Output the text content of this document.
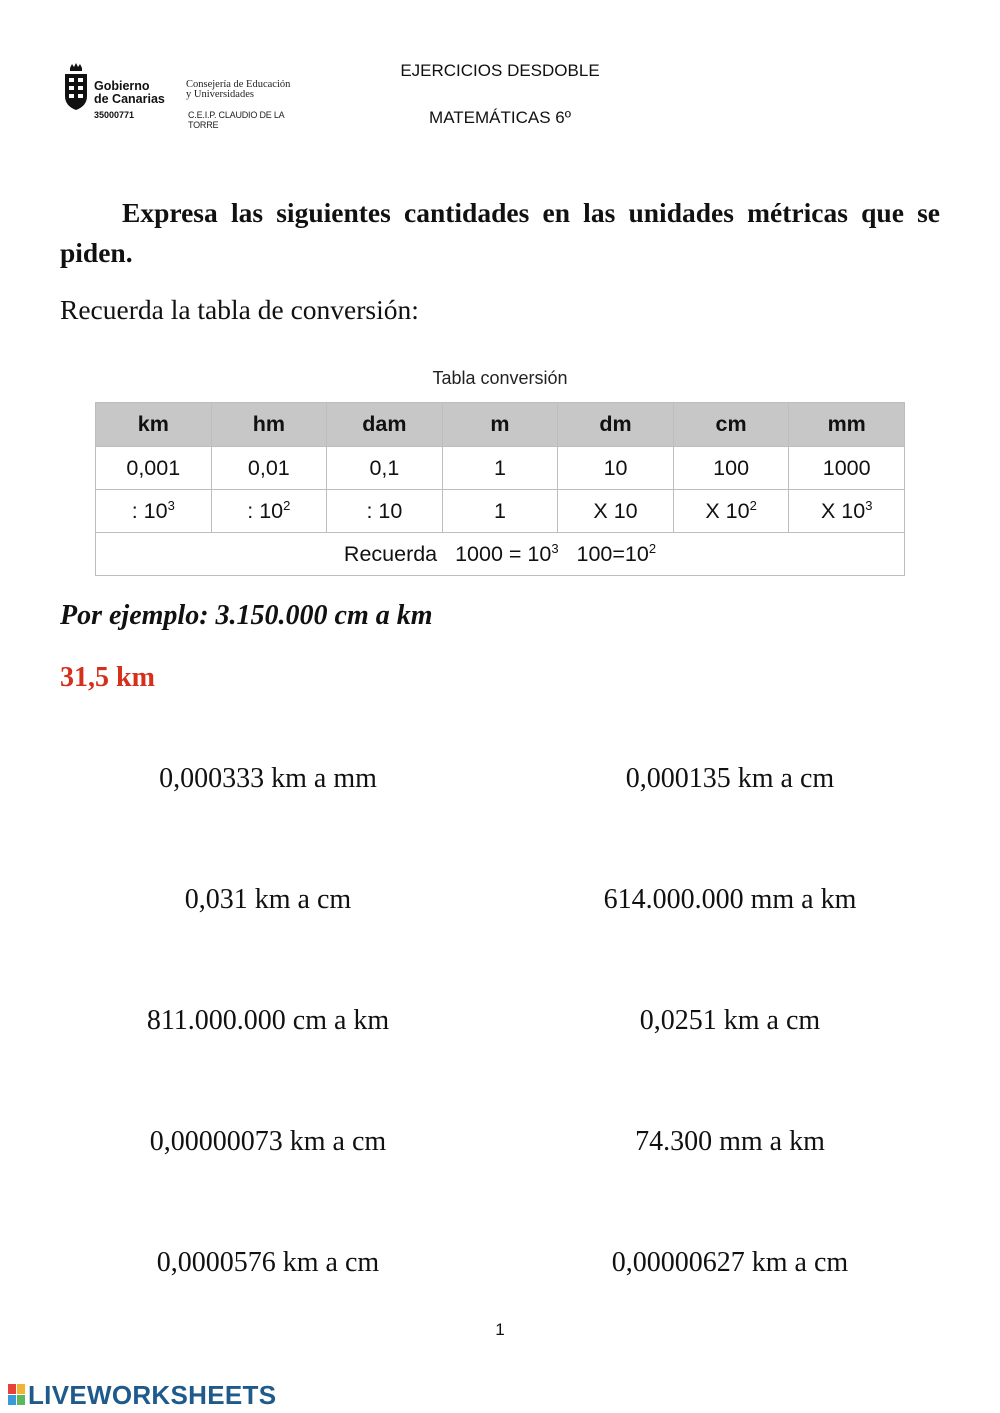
Gobierno
de Canarias
35000771
Consejería de Educación
y Universidades
C.E.I.P. CLAUDIO DE LA TORRE
EJERCICIOS DESDOBLE
MATEMÁTICAS 6º
Expresa las siguientes cantidades en las unidades métricas que se piden.
Recuerda la tabla de conversión:
Tabla conversión
km	hm	dam	m	dm	cm	mm
0,001	0,01	0,1	1	10	100	1000
: $10^3$	: $10^2$	: 10	1	X 10	X $10^2$	X $10^3$
Recuerda $1000 = 10^3$ $100=10^2$
Por ejemplo: 3.150.000 cm a km
31,5 km
0,000333 km a mm	0,000135 km a cm
0,031 km a cm	614.000.000 mm a km
811.000.000 cm a km	0,0251 km a cm
0,00000073 km a cm	74.300 mm a km
0,0000576 km a cm	0,00000627 km a cm
1
LIVEWORKSHEETS
